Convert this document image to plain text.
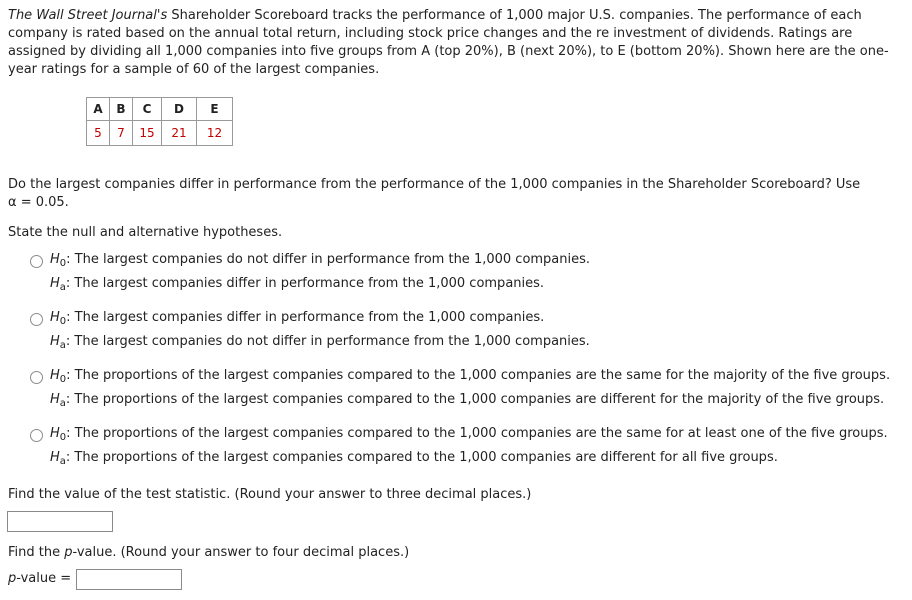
The Wall Street Journal's Shareholder Scoreboard tracks the performance of 1,000 major U.S. companies. The performance of each company is rated based on the annual total return, including stock price changes and the re investment of dividends. Ratings are assigned by dividing all 1,000 companies into five groups from A (top 20%), B (next 20%), to E (bottom 20%). Shown here are the one-year ratings for a sample of 60 of the largest companies.

A	B	C	D	E
5	7	15	21	12

Do the largest companies differ in performance from the performance of the 1,000 companies in the Shareholder Scoreboard? Use
α = 0.05.

State the null and alternative hypotheses.

$H_0$: The largest companies do not differ in performance from the 1,000 companies.
$H_a$: The largest companies differ in performance from the 1,000 companies.
$H_0$: The largest companies differ in performance from the 1,000 companies.
$H_a$: The largest companies do not differ in performance from the 1,000 companies.
$H_0$: The proportions of the largest companies compared to the 1,000 companies are the same for the majority of the five groups.
$H_a$: The proportions of the largest companies compared to the 1,000 companies are different for the majority of the five groups.
$H_0$: The proportions of the largest companies compared to the 1,000 companies are the same for at least one of the five groups.
$H_a$: The proportions of the largest companies compared to the 1,000 companies are different for all five groups.

Find the value of the test statistic. (Round your answer to three decimal places.)

Find the p-value. (Round your answer to four decimal places.)

p-value =
